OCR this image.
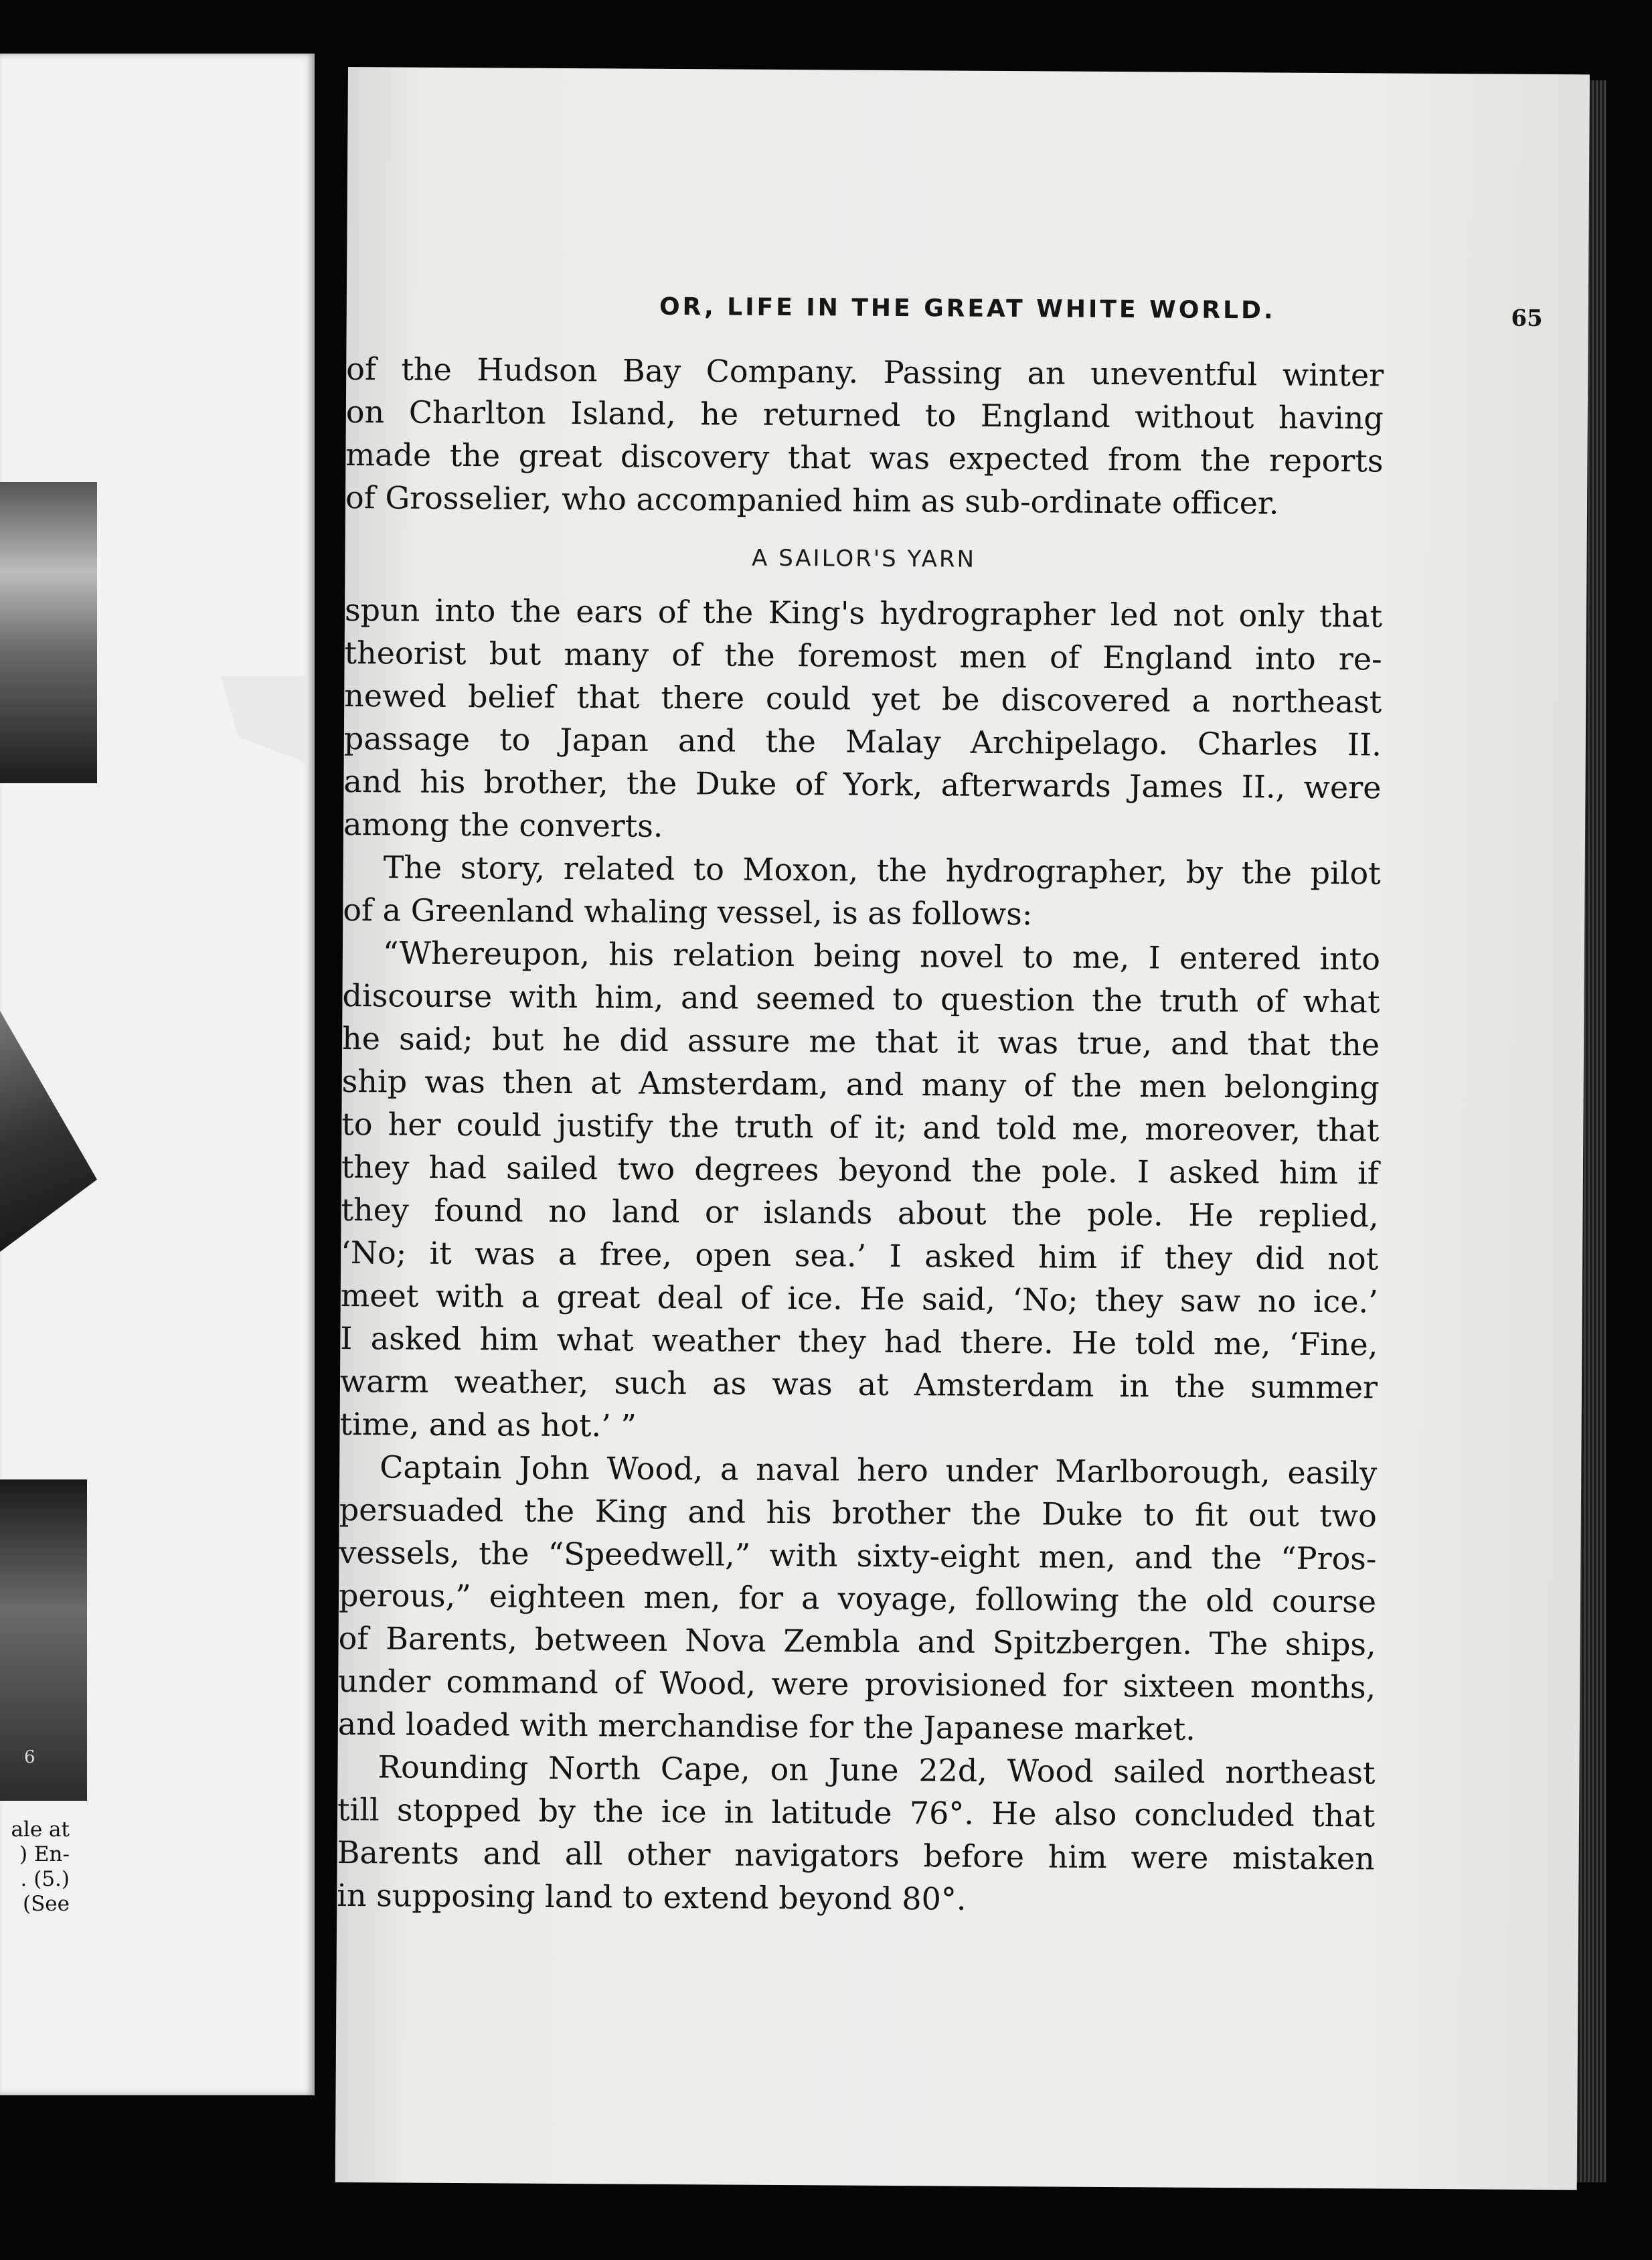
6
ale at
) En-
. (5.)
(See
OR, LIFE IN THE GREAT WHITE WORLD.	65
of the Hudson Bay Company. Passing an uneventful winter
on Charlton Island, he returned to England without having
made the great discovery that was expected from the reports
of Grosselier, who accompanied him as sub-ordinate officer.
A SAILOR'S YARN
spun into the ears of the King's hydrographer led not only that
theorist but many of the foremost men of England into re-
newed belief that there could yet be discovered a northeast
passage to Japan and the Malay Archipelago. Charles II.
and his brother, the Duke of York, afterwards James II., were
among the converts.
The story, related to Moxon, the hydrographer, by the pilot
of a Greenland whaling vessel, is as follows:
“Whereupon, his relation being novel to me, I entered into
discourse with him, and seemed to question the truth of what
he said; but he did assure me that it was true, and that the
ship was then at Amsterdam, and many of the men belonging
to her could justify the truth of it; and told me, moreover, that
they had sailed two degrees beyond the pole. I asked him if
they found no land or islands about the pole. He replied,
‘No; it was a free, open sea.’ I asked him if they did not
meet with a great deal of ice. He said, ‘No; they saw no ice.’
I asked him what weather they had there. He told me, ‘Fine,
warm weather, such as was at Amsterdam in the summer
time, and as hot.’ ”
Captain John Wood, a naval hero under Marlborough, easily
persuaded the King and his brother the Duke to fit out two
vessels, the “Speedwell,” with sixty-eight men, and the “Pros-
perous,” eighteen men, for a voyage, following the old course
of Barents, between Nova Zembla and Spitzbergen. The ships,
under command of Wood, were provisioned for sixteen months,
and loaded with merchandise for the Japanese market.
Rounding North Cape, on June 22d, Wood sailed northeast
till stopped by the ice in latitude 76°. He also concluded that
Barents and all other navigators before him were mistaken
in supposing land to extend beyond 80°.
